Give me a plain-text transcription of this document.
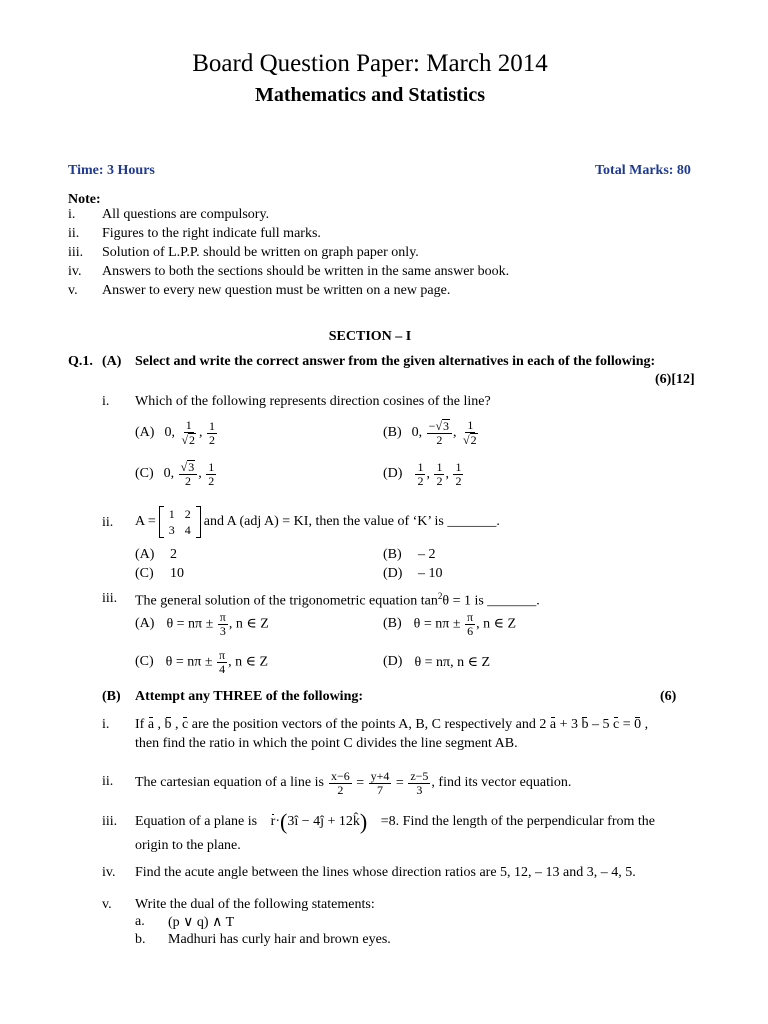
Board Question Paper: March 2014
Mathematics and Statistics
Time: 3 Hours	Total Marks: 80
Note:
i. All questions are compulsory.
ii. Figures to the right indicate full marks.
iii. Solution of L.P.P. should be written on graph paper only.
iv. Answers to both the sections should be written in the same answer book.
v. Answer to every new question must be written on a new page.
SECTION – I
Q.1. (A) Select and write the correct answer from the given alternatives in each of the following:
(6)[12]
i. Which of the following represents direction cosines of the line?
(A) 0, $\frac{1}{√ 2}$ , $\frac{1}{2}$	(B) 0, $\frac{-√ 3}{2}$ , $\frac{1}{√ 2}$
(C) 0, $\frac{√ 3}{2}$ , $\frac{1}{2}$	$(D) \frac{1}{2}$ , $\frac{1}{2}$ , $\frac{1}{2}$
ii. A =	1 2
3 4
and A (adj A) = KI, then the value of ‘K’ is _______.
(A) 2	(B) – 2
(C) 10	(D) – 10
iii. The general solution of the trigonometric equation $\tan^2\theta = 1$ is _______.
(A) $\theta = n\pi \pm \frac{\pi}{3}$ , n ∈ Z	(B) $\theta = n\pi \pm \frac{\pi}{6}$ , n ∈ Z
(C) $\theta = n\pi \pm \frac{\pi}{4}$ , n ∈ Z	(D) θ = nπ, n ∈ Z
(B) Attempt any THREE of the following:	(6)
i. If a , b , c are the position vectors of the points A, B, C respectively and 2 a + 3 b – 5 c = 0 ,
then find the ratio in which the point C divides the line segment AB.
ii. The cartesian equation of a line is $\frac{x-6}{2} = \frac{y+4}{7} = \frac{z-5}{3}$ , find its vector equation.
iii. Equation of a plane is r·(3î − 4ĵ + 12k̂) =8. Find the length of the perpendicular from the
origin to the plane.
iv. Find the acute angle between the lines whose direction ratios are 5, 12, – 13 and 3, – 4, 5.
v. Write the dual of the following statements:
a. (p ∨ q) ∧ T
b. Madhuri has curly hair and brown eyes.
